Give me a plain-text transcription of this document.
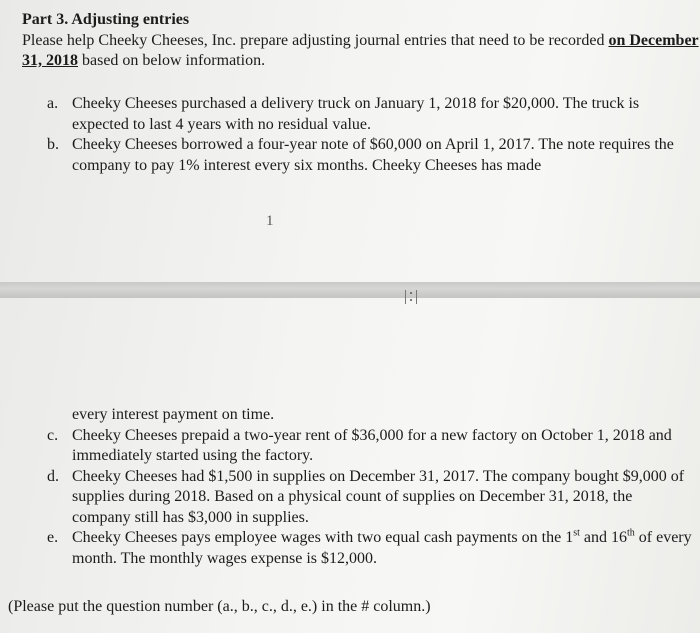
Part 3. Adjusting entries
Please help Cheeky Cheeses, Inc. prepare adjusting journal entries that need to be recorded on December 31, 2018 based on below information.
a. Cheeky Cheeses purchased a delivery truck on January 1, 2018 for $20,000. The truck is expected to last 4 years with no residual value.
b. Cheeky Cheeses borrowed a four-year note of $60,000 on April 1, 2017. The note requires the company to pay 1% interest every six months. Cheeky Cheeses has made
1
•
•
every interest payment on time.
c. Cheeky Cheeses prepaid a two-year rent of $36,000 for a new factory on October 1, 2018 and immediately started using the factory.
d. Cheeky Cheeses had $1,500 in supplies on December 31, 2017. The company bought $9,000 of supplies during 2018. Based on a physical count of supplies on December 31, 2018, the company still has $3,000 in supplies.
e. Cheeky Cheeses pays employee wages with two equal cash payments on the 1st and 16th of every month. The monthly wages expense is $12,000.
(Please put the question number (a., b., c., d., e.) in the # column.)
